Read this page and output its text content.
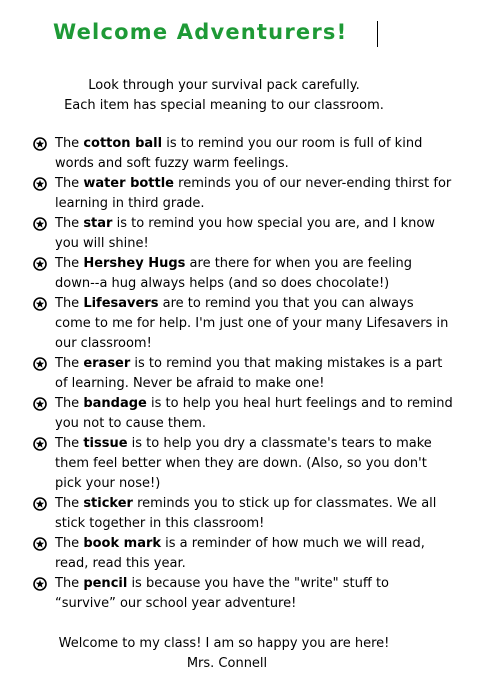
Welcome Adventurers!

Look through your survival pack carefully.

Each item has special meaning to our classroom.

The cotton ball is to remind you our room is full of kind words and soft fuzzy warm feelings.
The water bottle reminds you of our never-ending thirst for learning in third grade.
The star is to remind you how special you are, and I know you will shine!
The Hershey Hugs are there for when you are feeling down--a hug always helps (and so does chocolate!)
The Lifesavers are to remind you that you can always come to me for help. I'm just one of your many Lifesavers in our classroom!
The eraser is to remind you that making mistakes is a part of learning. Never be afraid to make one!
The bandage is to help you heal hurt feelings and to remind you not to cause them.
The tissue is to help you dry a classmate's tears to make them feel better when they are down. (Also, so you don't pick your nose!)
The sticker reminds you to stick up for classmates. We all stick together in this classroom!
The book mark is a reminder of how much we will read, read, read this year.
The pencil is because you have the "write" stuff to “survive” our school year adventure!

Welcome to my class! I am so happy you are here!

Mrs. Connell
